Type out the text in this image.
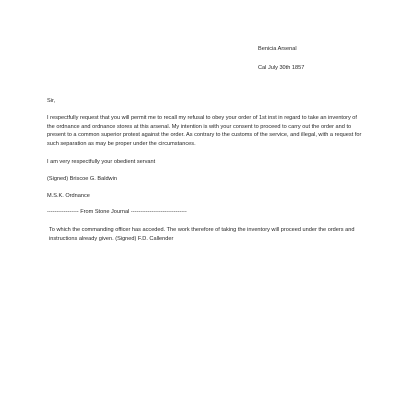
Benicia Arsenal
Cal July 30th 1857

Sir,

I respectfully request that you will permit me to recall my refusal to obey your order of 1st inst in regard to take an inventory of the ordnance and ordnance stores at this arsenal. My intention is with your consent to proceed to carry out the order and to present to a common superior protest against the order. As contrary to the customs of the service, and illegal, with a request for such separation as may be proper under the circumstances.

I am very respectfully your obedient servant

(Signed) Briscoe G. Baldwin

M.S.K. Ordnance

----------------- From Stone Journal ------------------------------

To which the commanding officer has acceded. The work therefore of taking the inventory will proceed under the orders and instructions already given. (Signed) F.D. Callender
